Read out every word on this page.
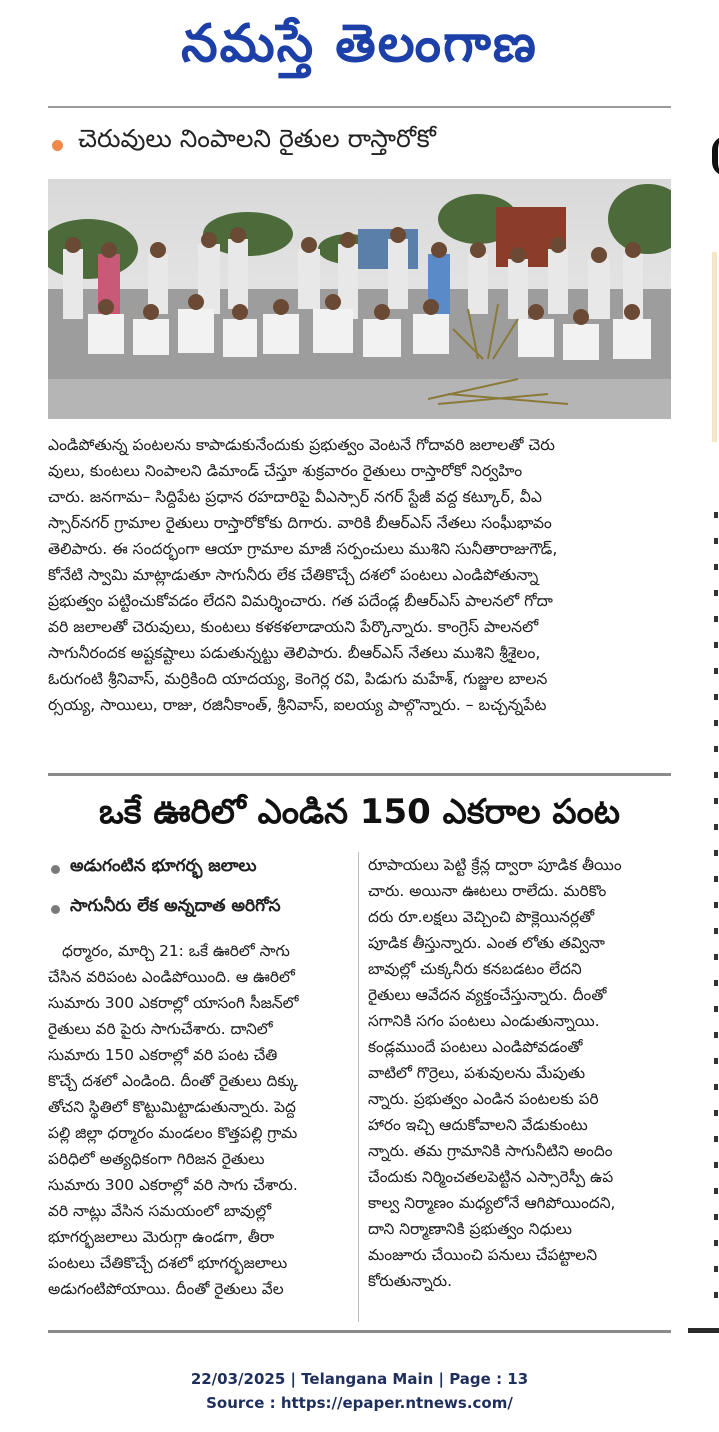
నమస్తే తెలంగాణ
చెరువులు నింపాలని రైతుల రాస్తారోకో
ఎండిపోతున్న పంటలను కాపాడుకునేందుకు ప్రభుత్వం వెంటనే గోదావరి జలాలతో చెరు
వులు, కుంటలు నింపాలని డిమాండ్ చేస్తూ శుక్రవారం రైతులు రాస్తారోకో నిర్వహిం
చారు. జనగామ– సిద్దిపేట ప్రధాన రహదారిపై వీఎస్సార్ నగర్ స్టేజీ వద్ద కట్కూర్, వీఎ
స్సార్‌నగర్ గ్రామాల రైతులు రాస్తారోకోకు దిగారు. వారికి బీఆర్‌ఎస్ నేతలు సంఘీభావం
తెలిపారు. ఈ సందర్భంగా ఆయా గ్రామాల మాజీ సర్పంచులు ముశిని సునీతారాజుగౌడ్,
కోనేటి స్వామి మాట్లాడుతూ సాగునీరు లేక చేతికొచ్చే దశలో పంటలు ఎండిపోతున్నా
ప్రభుత్వం పట్టించుకోవడం లేదని విమర్శించారు. గత పదేండ్ల బీఆర్‌ఎస్ పాలనలో గోదా
వరి జలాలతో చెరువులు, కుంటలు కళకళలాడాయని పేర్కొన్నారు. కాంగ్రెస్ పాలనలో
సాగునీరందక అష్టకష్టాలు పడుతున్నట్టు తెలిపారు. బీఆర్‌ఎస్ నేతలు ముశిని శ్రీశైలం,
ఓరుగంటి శ్రీనివాస్, మర్రికింది యాదయ్య, కెంగెర్ల రవి, పిడుగు మహేశ్, గుజ్జుల బాలన
ర్సయ్య, సాయిలు, రాజు, రజినీకాంత్, శ్రీనివాస్, ఐలయ్య పాల్గొన్నారు. – బచ్చన్నపేట
ఒకే ఊరిలో ఎండిన 150 ఎకరాల పంట
అడుగంటిన భూగర్భ జలాలు
సాగునీరు లేక అన్నదాత అరిగోస
ధర్మారం, మార్చి 21: ఒకే ఊరిలో సాగు
చేసిన వరిపంట ఎండిపోయింది. ఆ ఊరిలో
సుమారు 300 ఎకరాల్లో యాసంగి సీజన్‌లో
రైతులు వరి పైరు సాగుచేశారు. దానిలో
సుమారు 150 ఎకరాల్లో వరి పంట చేతి
కొచ్చే దశలో ఎండింది. దీంతో రైతులు దిక్కు
తోచని స్థితిలో కొట్టుమిట్టాడుతున్నారు. పెద్ద
పల్లి జిల్లా ధర్మారం మండలం కొత్తపల్లి గ్రామ
పరిధిలో అత్యధికంగా గిరిజన రైతులు
సుమారు 300 ఎకరాల్లో వరి సాగు చేశారు.
వరి నాట్లు వేసిన సమయంలో బావుల్లో
భూగర్భజలాలు మెరుగ్గా ఉండగా, తీరా
పంటలు చేతికొచ్చే దశలో భూగర్భజలాలు
అడుగంటిపోయాయి. దీంతో రైతులు వేల
రూపాయలు పెట్టి క్రేన్ల ద్వారా పూడిక తీయిం
చారు. అయినా ఊటలు రాలేదు. మరికొం
దరు రూ.లక్షలు వెచ్చించి పొక్లెయినర్లతో
పూడిక తీస్తున్నారు. ఎంత లోతు తవ్వినా
బావుల్లో చుక్కనీరు కనబడటం లేదని
రైతులు ఆవేదన వ్యక్తంచేస్తున్నారు. దీంతో
సగానికి సగం పంటలు ఎండుతున్నాయి.
కండ్లముందే పంటలు ఎండిపోవడంతో
వాటిలో గొర్రెలు, పశువులను మేపుతు
న్నారు. ప్రభుత్వం ఎండిన పంటలకు పరి
హారం ఇచ్చి ఆదుకోవాలని వేడుకుంటు
న్నారు. తమ గ్రామానికి సాగునీటిని అందిం
చేందుకు నిర్మించతలపెట్టిన ఎస్సారెస్పీ ఉప
కాల్వ నిర్మాణం మధ్యలోనే ఆగిపోయిందని,
దాని నిర్మాణానికి ప్రభుత్వం నిధులు
మంజూరు చేయించి పనులు చేపట్టాలని
కోరుతున్నారు.
22/03/2025 | Telangana Main | Page : 13
Source : https://epaper.ntnews.com/
